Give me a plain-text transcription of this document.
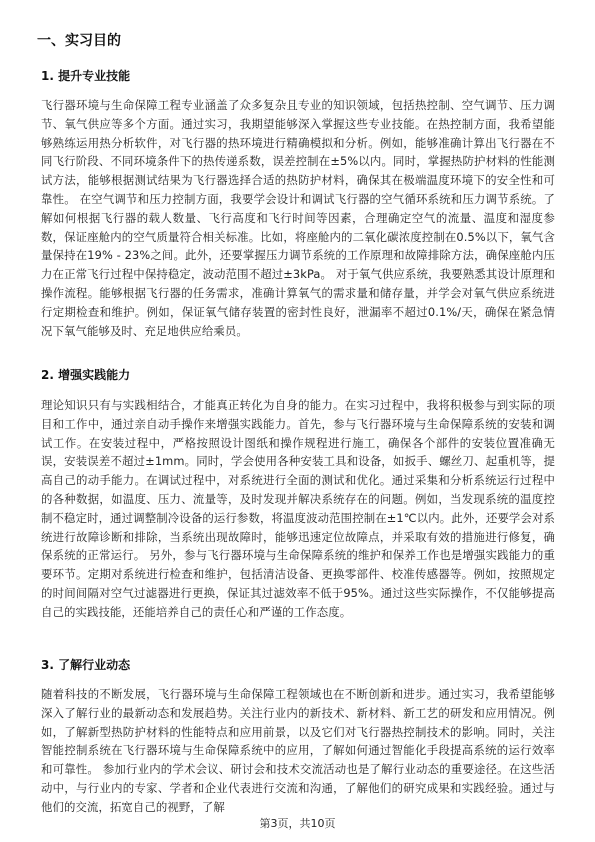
一、实习目的
1. 提升专业技能
飞行器环境与生命保障工程专业涵盖了众多复杂且专业的知识领域，包括热控制、空气调节、压力调节、氧气供应等多个方面。通过实习，我期望能够深入掌握这些专业技能。在热控制方面，我希望能够熟练运用热分析软件，对飞行器的热环境进行精确模拟和分析。例如，能够准确计算出飞行器在不同飞行阶段、不同环境条件下的热传递系数，误差控制在±5%以内。同时，掌握热防护材料的性能测试方法，能够根据测试结果为飞行器选择合适的热防护材料，确保其在极端温度环境下的安全性和可靠性。 在空气调节和压力控制方面，我要学会设计和调试飞行器的空气循环系统和压力调节系统。了解如何根据飞行器的载人数量、飞行高度和飞行时间等因素，合理确定空气的流量、温度和湿度参数，保证座舱内的空气质量符合相关标准。比如，将座舱内的二氧化碳浓度控制在0.5%以下，氧气含量保持在19% - 23%之间。此外，还要掌握压力调节系统的工作原理和故障排除方法，确保座舱内压力在正常飞行过程中保持稳定，波动范围不超过±3kPa。 对于氧气供应系统，我要熟悉其设计原理和操作流程。能够根据飞行器的任务需求，准确计算氧气的需求量和储存量，并学会对氧气供应系统进行定期检查和维护。例如，保证氧气储存装置的密封性良好，泄漏率不超过0.1%/天，确保在紧急情况下氧气能够及时、充足地供应给乘员。
2. 增强实践能力
理论知识只有与实践相结合，才能真正转化为自身的能力。在实习过程中，我将积极参与到实际的项目和工作中，通过亲自动手操作来增强实践能力。首先，参与飞行器环境与生命保障系统的安装和调试工作。在安装过程中，严格按照设计图纸和操作规程进行施工，确保各个部件的安装位置准确无误，安装误差不超过±1mm。同时，学会使用各种安装工具和设备，如扳手、螺丝刀、起重机等，提高自己的动手能力。在调试过程中，对系统进行全面的测试和优化。通过采集和分析系统运行过程中的各种数据，如温度、压力、流量等，及时发现并解决系统存在的问题。例如，当发现系统的温度控制不稳定时，通过调整制冷设备的运行参数，将温度波动范围控制在±1℃以内。此外，还要学会对系统进行故障诊断和排除，当系统出现故障时，能够迅速定位故障点，并采取有效的措施进行修复，确保系统的正常运行。 另外，参与飞行器环境与生命保障系统的维护和保养工作也是增强实践能力的重要环节。定期对系统进行检查和维护，包括清洁设备、更换零部件、校准传感器等。例如，按照规定的时间间隔对空气过滤器进行更换，保证其过滤效率不低于95%。通过这些实际操作，不仅能够提高自己的实践技能，还能培养自己的责任心和严谨的工作态度。
3. 了解行业动态
随着科技的不断发展，飞行器环境与生命保障工程领域也在不断创新和进步。通过实习，我希望能够深入了解行业的最新动态和发展趋势。关注行业内的新技术、新材料、新工艺的研发和应用情况。例如，了解新型热防护材料的性能特点和应用前景，以及它们对飞行器热控制技术的影响。同时，关注智能控制系统在飞行器环境与生命保障系统中的应用，了解如何通过智能化手段提高系统的运行效率和可靠性。 参加行业内的学术会议、研讨会和技术交流活动也是了解行业动态的重要途径。在这些活动中，与行业内的专家、学者和企业代表进行交流和沟通，了解他们的研究成果和实践经验。通过与他们的交流，拓宽自己的视野，了解
第3页，共10页
